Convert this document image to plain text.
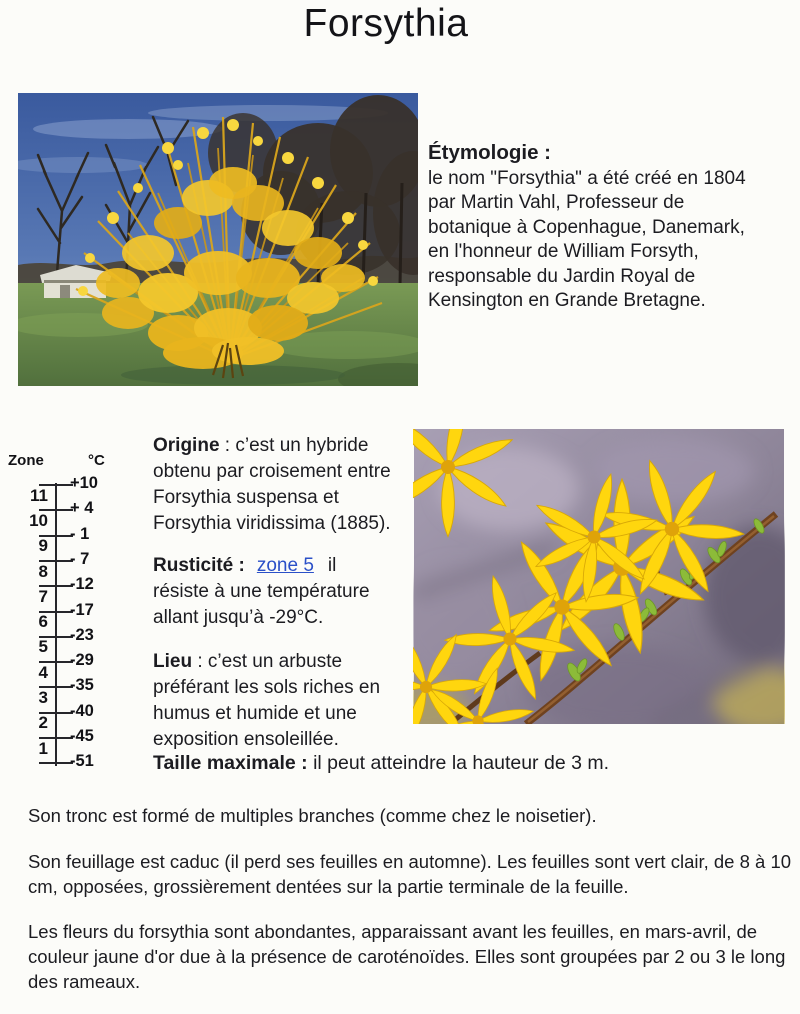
Forsythia

Étymologie :
le nom "Forsythia" a été créé en 1804 par Martin Vahl, Professeur de botanique à Copenhague, Danemark, en l'honneur de William Forsyth, responsable du Jardin Royal de Kensington en Grande Bretagne.

Zone	°C
+10
+ 4
- 1
- 7
-12
-17
-23
-29
-35
-40
-45
-51
11
10
9
8
7
6
5
4
3
2
1

Origine : c’est un hybride obtenu par croisement entre Forsythia suspensa et Forsythia viridissima (1885).

Rusticité : zone 5 il résiste à une température allant jusqu’à -29°C.

Lieu : c’est un arbuste préférant les sols riches en humus et humide et une exposition ensoleillée.

Taille maximale : il peut atteindre la hauteur de 3 m.

Son tronc est formé de multiples branches (comme chez le noisetier).

Son feuillage est caduc (il perd ses feuilles en automne). Les feuilles sont vert clair, de 8 à 10 cm, opposées, grossièrement dentées sur la partie terminale de la feuille.

Les fleurs du forsythia sont abondantes, apparaissant avant les feuilles, en mars-avril, de couleur jaune d'or due à la présence de caroténoïdes. Elles sont groupées par 2 ou 3 le long des rameaux.
